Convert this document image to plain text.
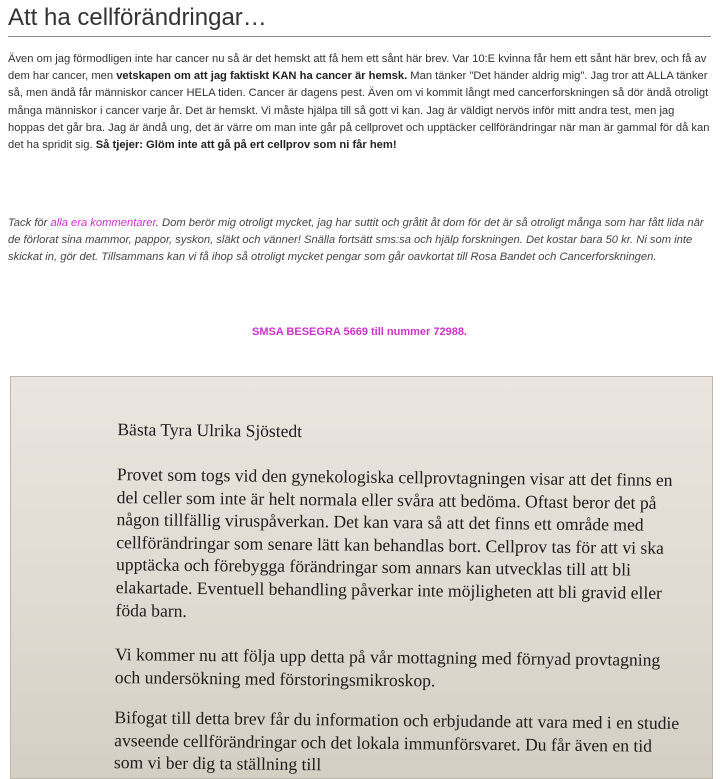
Att ha cellförändringar…

Även om jag förmodligen inte har cancer nu så är det hemskt att få hem ett sånt här brev. Var 10:E kvinna får hem ett sånt här brev, och få av dem har cancer, men vetskapen om att jag faktiskt KAN ha cancer är hemsk. Man tänker "Det händer aldrig mig". Jag tror att ALLA tänker så, men ändå får människor cancer HELA tiden. Cancer är dagens pest. Även om vi kommit långt med cancerforskningen så dör ändå otroligt många människor i cancer varje år. Det är hemskt. Vi måste hjälpa till så gott vi kan. Jag är väldigt nervös inför mitt andra test, men jag hoppas det går bra. Jag är ändå ung, det är värre om man inte går på cellprovet och upptäcker cellförändringar när man är gammal för då kan det ha spridit sig. Så tjejer: Glöm inte att gå på ert cellprov som ni får hem!

Tack för alla era kommentarer. Dom berör mig otroligt mycket, jag har suttit och gråtit åt dom för det är så otroligt många som har fått lida när de förlorat sina mammor, pappor, syskon, släkt och vänner! Snälla fortsätt sms:sa och hjälp forskningen. Det kostar bara 50 kr. Ni som inte skickat in, gör det. Tillsammans kan vi få ihop så otroligt mycket pengar som går oavkortat till Rosa Bandet och Cancerforskningen.

SMSA BESEGRA 5669 till nummer 72988.

Bästa Tyra Ulrika Sjöstedt

Provet som togs vid den gynekologiska cellprovtagningen visar att det finns en del celler som inte är helt normala eller svåra att bedöma. Oftast beror det på någon tillfällig viruspåverkan. Det kan vara så att det finns ett område med cellförändringar som senare lätt kan behandlas bort. Cellprov tas för att vi ska upptäcka och förebygga förändringar som annars kan utvecklas till att bli elakartade. Eventuell behandling påverkar inte möjligheten att bli gravid eller föda barn.

Vi kommer nu att följa upp detta på vår mottagning med förnyad provtagning och undersökning med förstoringsmikroskop.

Bifogat till detta brev får du information och erbjudande att vara med i en studie avseende cellförändringar och det lokala immunförsvaret. Du får även en tid som vi ber dig ta ställning till
